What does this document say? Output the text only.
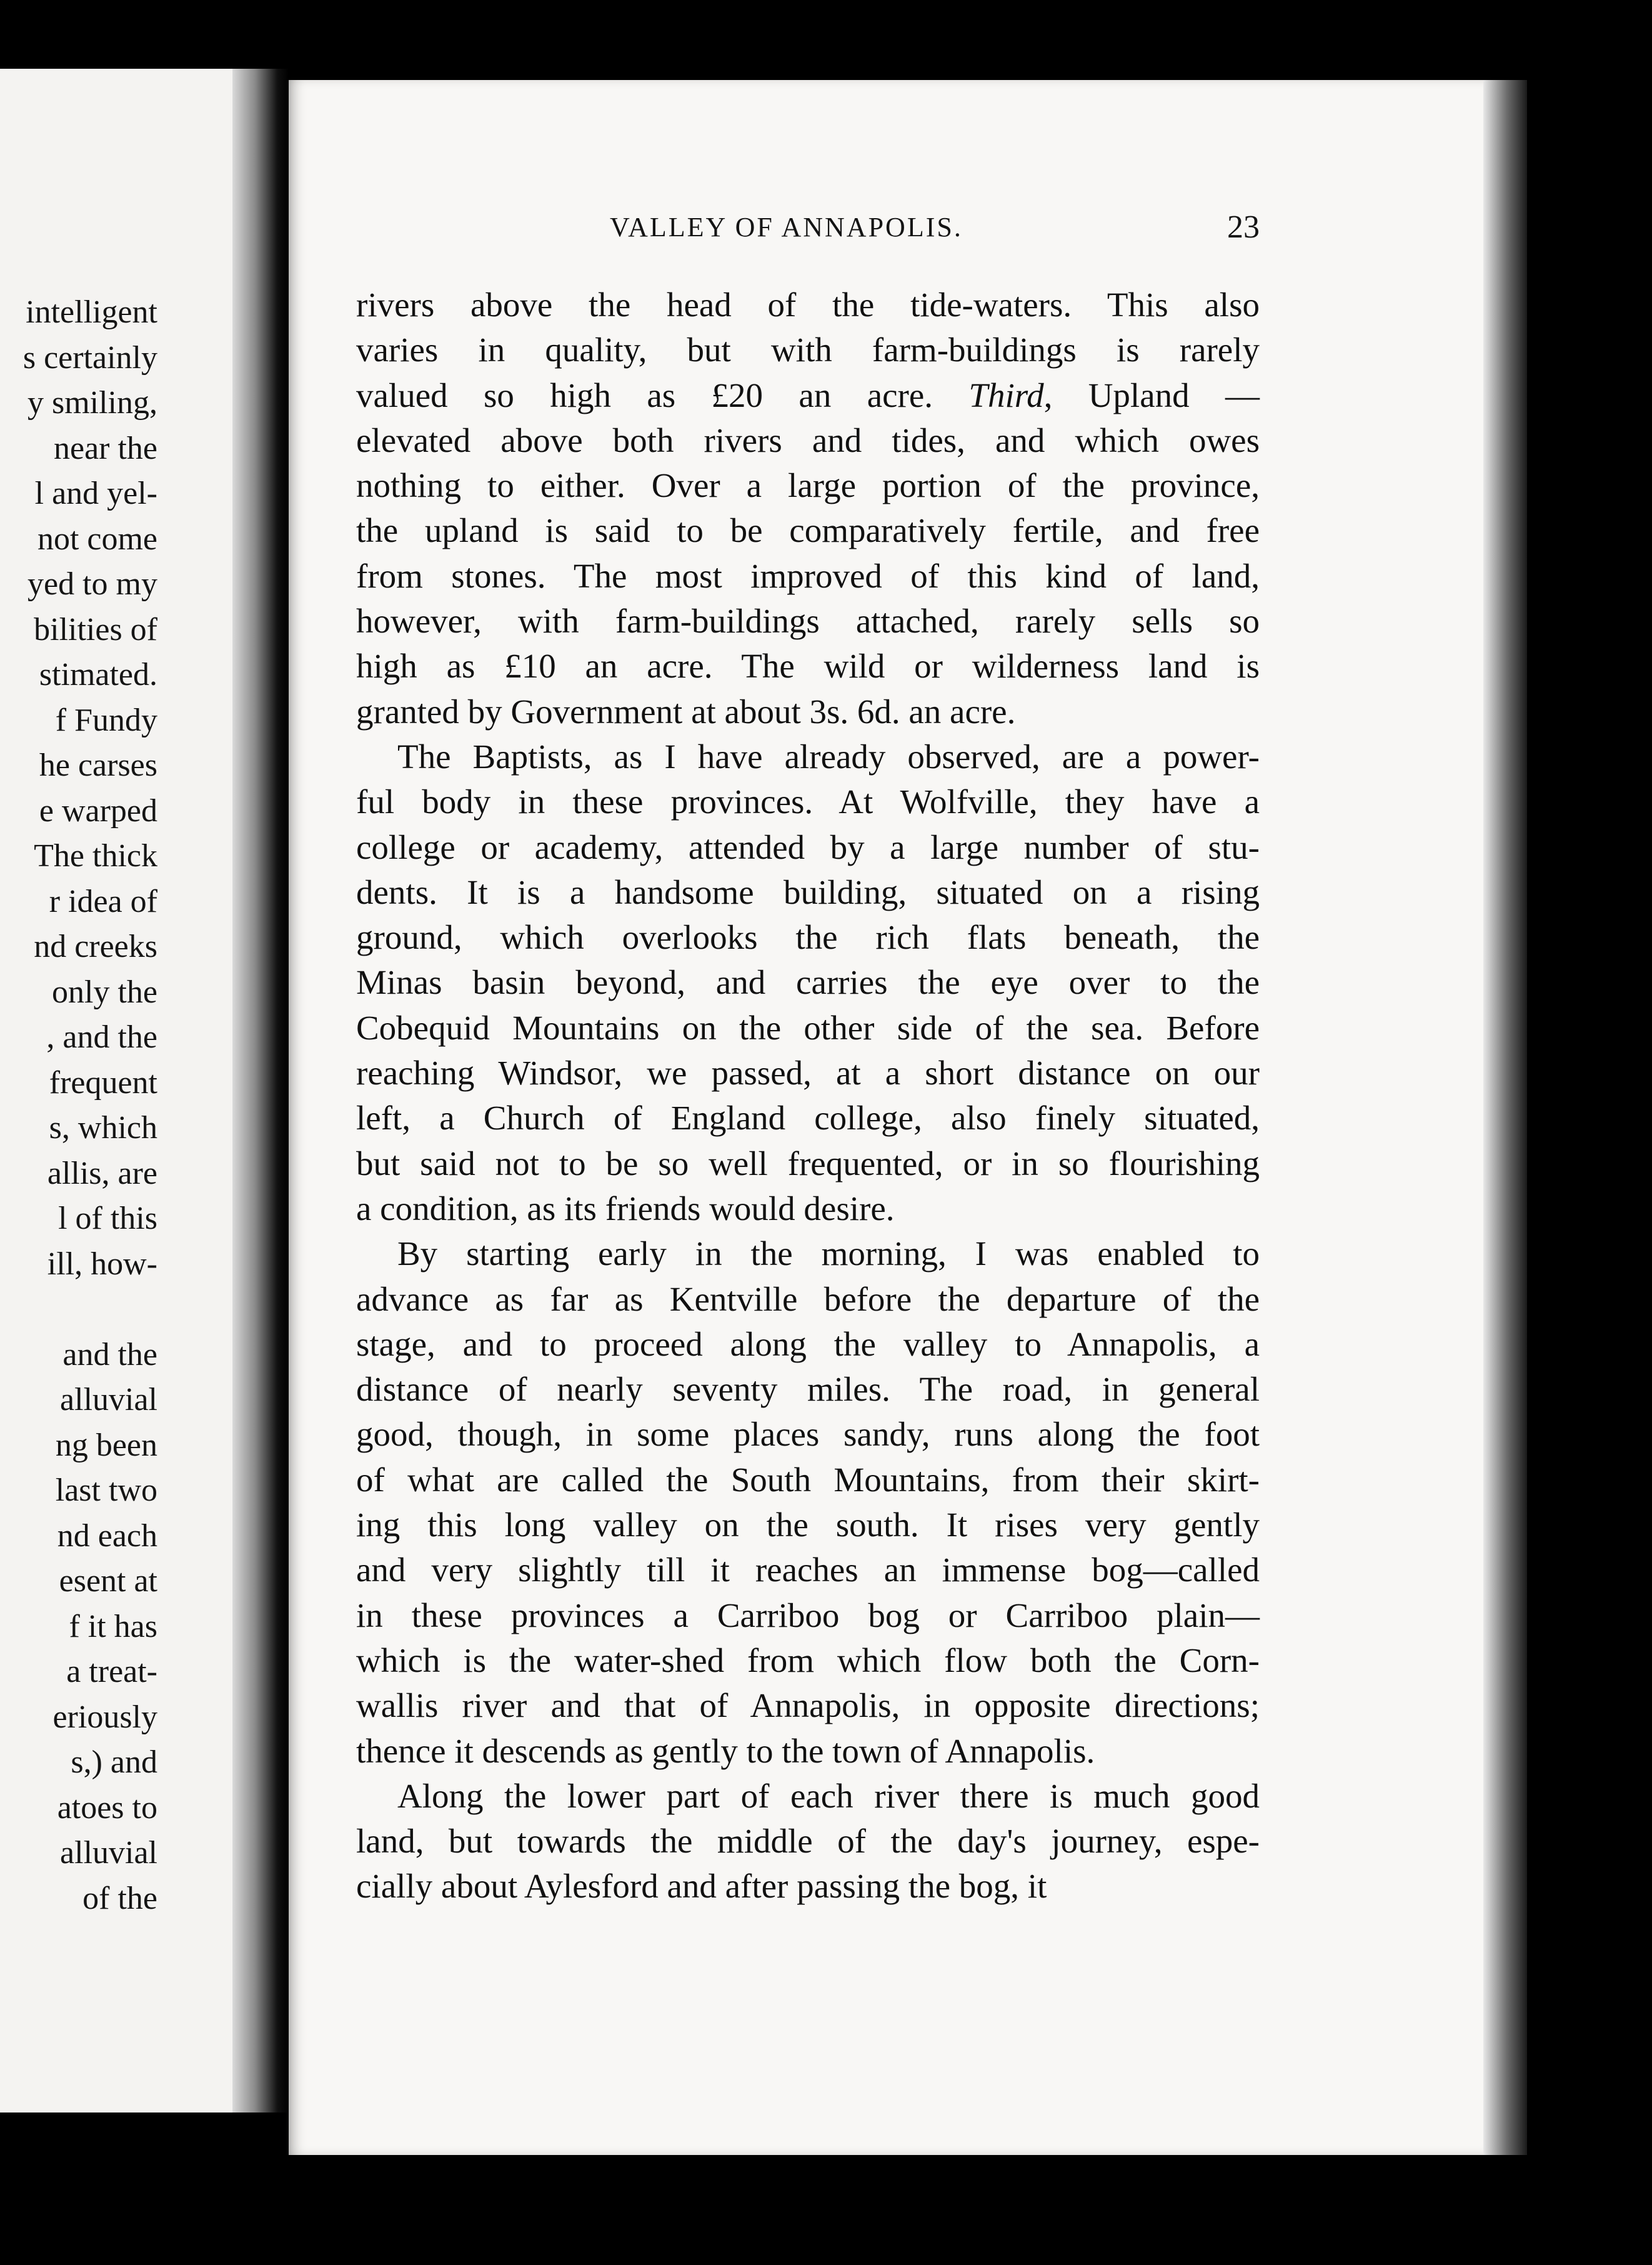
intelligent
s certainly
y smiling,
near the
l and yel-
not come
yed to my
bilities of
stimated.
f Fundy
he carses
e warped
The thick
r idea of
nd creeks
only the
, and the
frequent
s, which
allis, are
l of this
ill, how-

and the
alluvial
ng been
last two
nd each
esent at
f it has
a treat-
eriously
s,) and
atoes to
alluvial
of the
VALLEY OF ANNAPOLIS.	23
rivers above the head of the tide-waters. This also
varies in quality, but with farm-buildings is rarely
valued so high as £20 an acre. Third, Upland —
elevated above both rivers and tides, and which owes
nothing to either. Over a large portion of the province,
the upland is said to be comparatively fertile, and free
from stones. The most improved of this kind of land,
however, with farm-buildings attached, rarely sells so
high as £10 an acre. The wild or wilderness land is
granted by Government at about 3s. 6d. an acre.
The Baptists, as I have already observed, are a power-
ful body in these provinces. At Wolfville, they have a
college or academy, attended by a large number of stu-
dents. It is a handsome building, situated on a rising
ground, which overlooks the rich flats beneath, the
Minas basin beyond, and carries the eye over to the
Cobequid Mountains on the other side of the sea. Before
reaching Windsor, we passed, at a short distance on our
left, a Church of England college, also finely situated,
but said not to be so well frequented, or in so flourishing
a condition, as its friends would desire.
By starting early in the morning, I was enabled to
advance as far as Kentville before the departure of the
stage, and to proceed along the valley to Annapolis, a
distance of nearly seventy miles. The road, in general
good, though, in some places sandy, runs along the foot
of what are called the South Mountains, from their skirt-
ing this long valley on the south. It rises very gently
and very slightly till it reaches an immense bog—called
in these provinces a Carriboo bog or Carriboo plain—
which is the water-shed from which flow both the Corn-
wallis river and that of Annapolis, in opposite directions;
thence it descends as gently to the town of Annapolis.
Along the lower part of each river there is much good
land, but towards the middle of the day's journey, espe-
cially about Aylesford and after passing the bog, it
